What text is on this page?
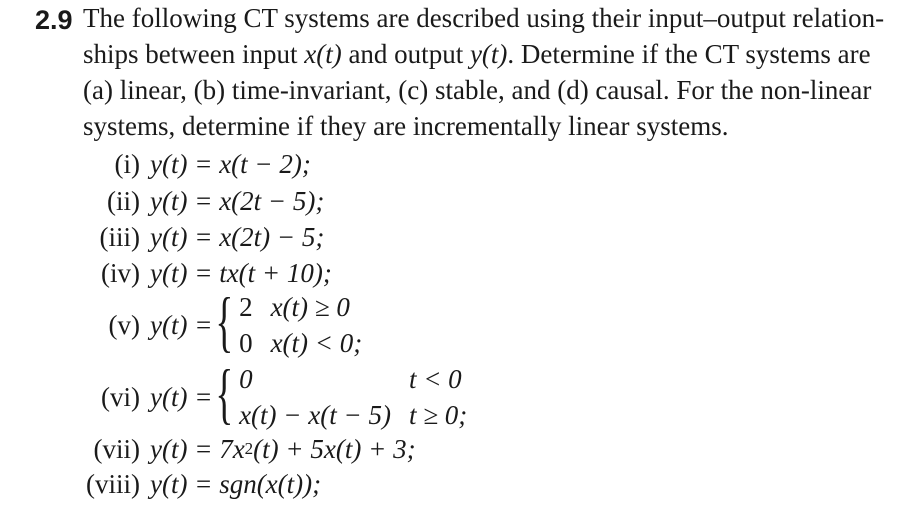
2.9 The following CT systems are described using their input–output relation-
ships between input x(t) and output y(t). Determine if the CT systems are
(a) linear, (b) time-invariant, (c) stable, and (d) causal. For the non-linear
systems, determine if they are incrementally linear systems.
(i) y(t) = x(t − 2);
(ii) y(t) = x(2t − 5);
(iii) y(t) = x(2t) − 5;
(iv) y(t) = tx(t + 10);
(v) y(t) = { 2 x(t) ≥ 0
0 x(t) < 0;
(vi) y(t) = { 0	t < 0
x(t) − x(t − 5) t ≥ 0;
(vii) y(t) = 7x 2 (t) + 5x(t) + 3;
(viii) y(t) = sgn(x(t));
